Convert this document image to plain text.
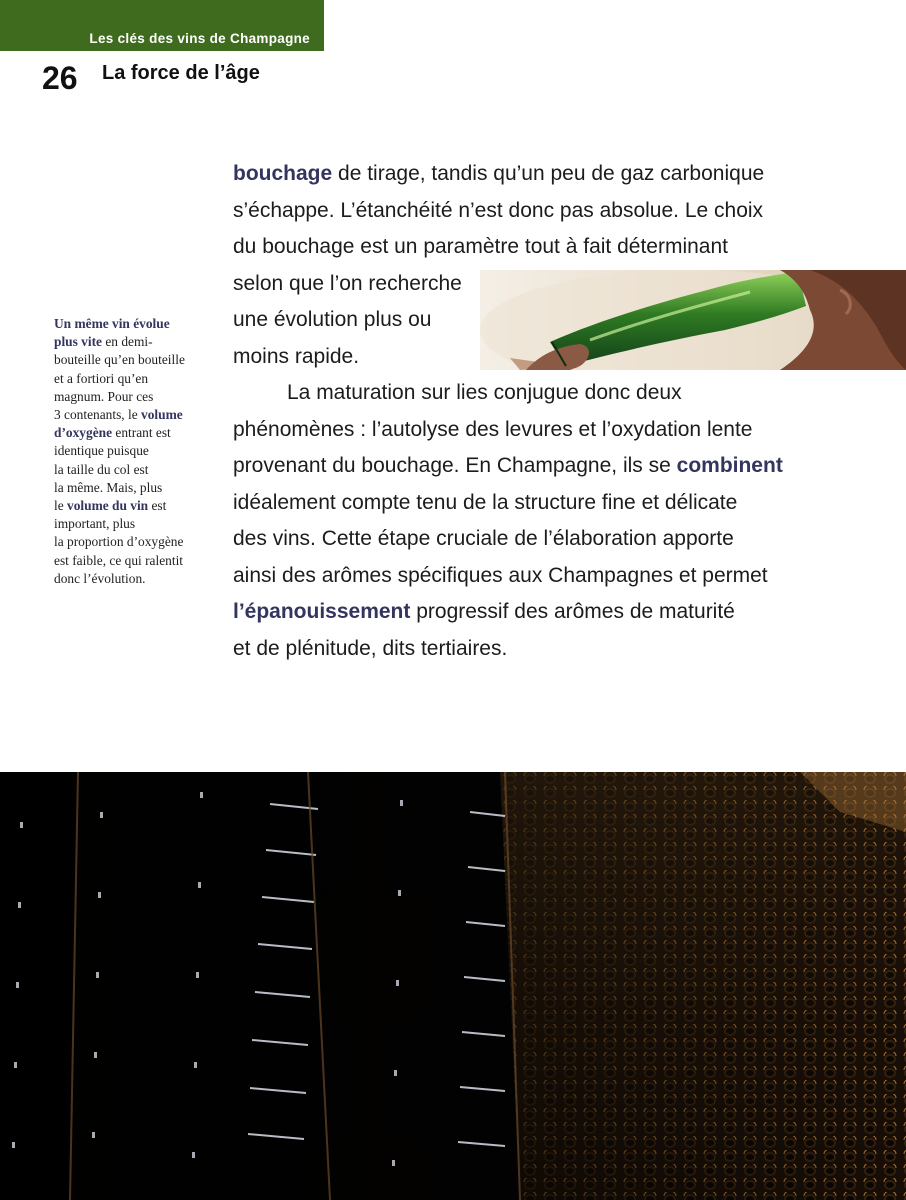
Les clés des vins de Champagne
26 La force de l’âge
Un même vin évolue
plus vite en demi-
bouteille qu’en bouteille
et a fortiori qu’en
magnum. Pour ces
3 contenants, le volume
d’oxygène entrant est
identique puisque
la taille du col est
la même. Mais, plus
le volume du vin est
important, plus
la proportion d’oxygène
est faible, ce qui ralentit
donc l’évolution.
bouchage de tirage, tandis qu’un peu de gaz carbonique
s’échappe. L’étanchéité n’est donc pas absolue. Le choix
du bouchage est un paramètre tout à fait déterminant
selon que l’on recherche
une évolution plus ou
moins rapide.
La maturation sur lies conjugue donc deux
phénomènes : l’autolyse des levures et l’oxydation lente
provenant du bouchage. En Champagne, ils se combinent
idéalement compte tenu de la structure fine et délicate
des vins. Cette étape cruciale de l’élaboration apporte
ainsi des arômes spécifiques aux Champagnes et permet
l’épanouissement progressif des arômes de maturité
et de plénitude, dits tertiaires.
